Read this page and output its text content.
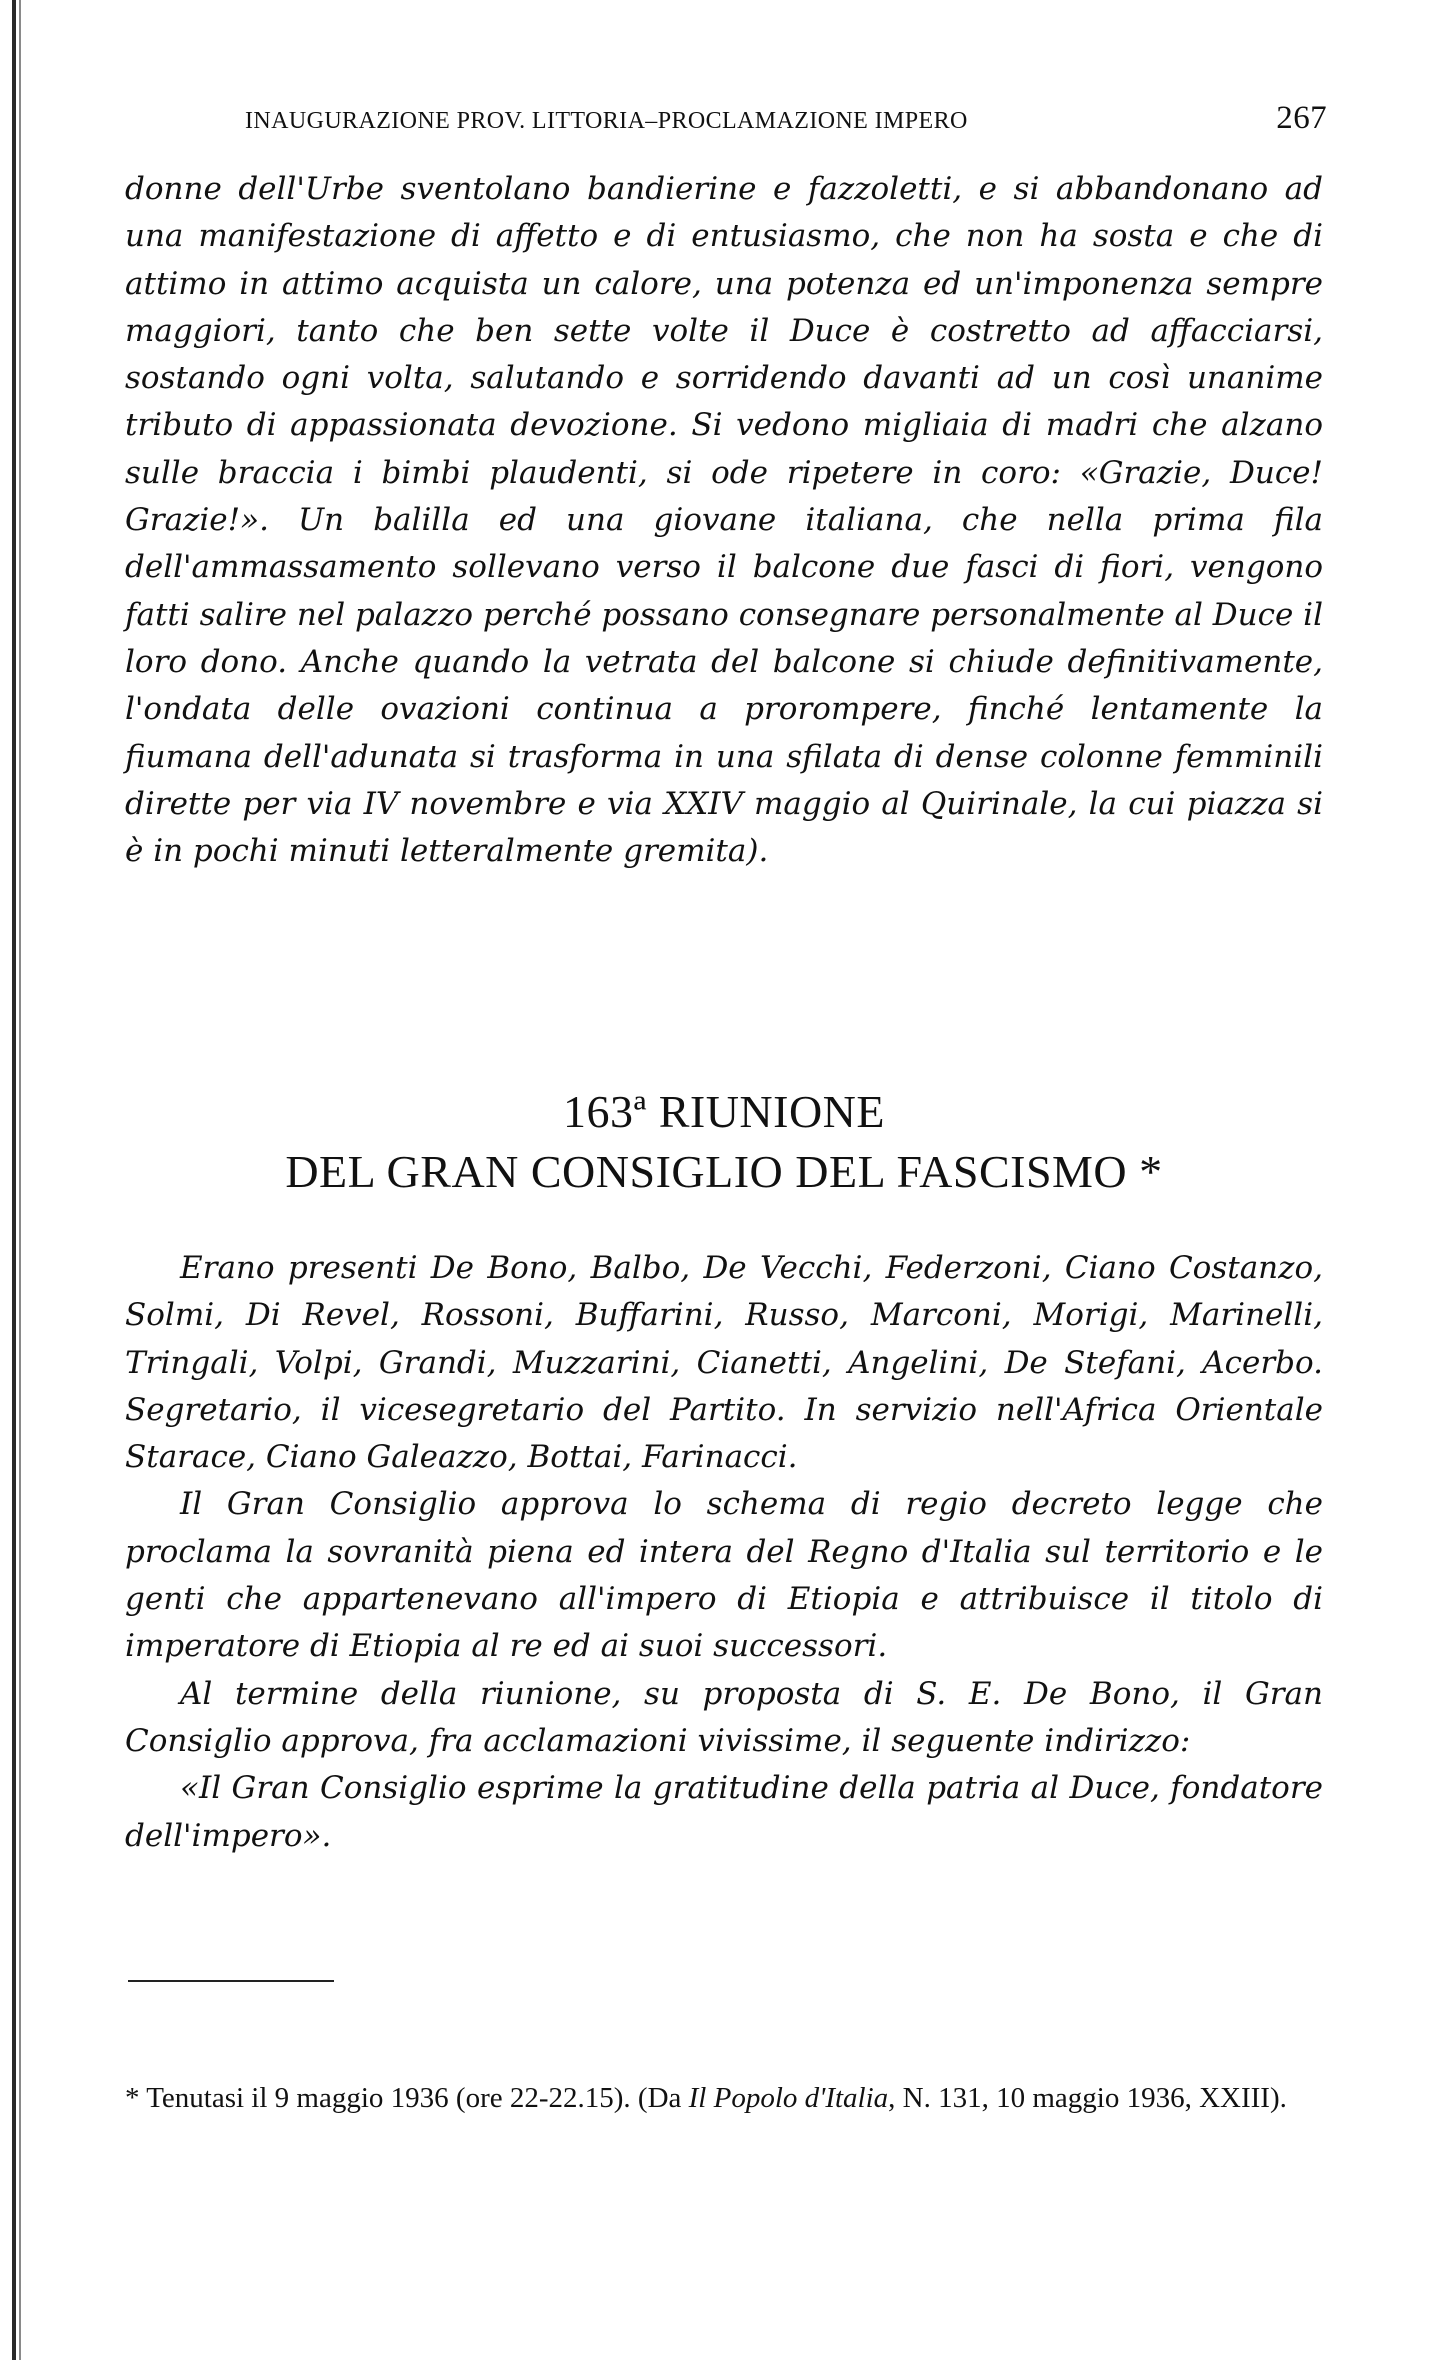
INAUGURAZIONE PROV. LITTORIA–PROCLAMAZIONE IMPERO	267

donne dell'Urbe sventolano bandierine e fazzoletti, e si abbandonano ad una manifestazione di affetto e di entusiasmo, che non ha sosta e che di attimo in attimo acquista un calore, una potenza ed un'imponenza sempre maggiori, tanto che ben sette volte il Duce è costretto ad affacciarsi, sostando ogni volta, salutando e sorridendo davanti ad un così unanime tributo di appassionata devozione. Si vedono migliaia di madri che alzano sulle braccia i bimbi plaudenti, si ode ripetere in coro: «Grazie, Duce! Grazie!». Un balilla ed una giovane italiana, che nella prima fila dell'ammassamento sollevano verso il balcone due fasci di fiori, vengono fatti salire nel palazzo perché possano consegnare personalmente al Duce il loro dono. Anche quando la vetrata del balcone si chiude definitivamente, l'ondata delle ovazioni continua a prorompere, finché lentamente la fiumana dell'adunata si trasforma in una sfilata di dense colonne femminili dirette per via IV novembre e via XXIV maggio al Quirinale, la cui piazza si è in pochi minuti letteralmente gremita).

163ª RIUNIONE
DEL GRAN CONSIGLIO DEL FASCISMO *

Erano presenti De Bono, Balbo, De Vecchi, Federzoni, Ciano Costanzo, Solmi, Di Revel, Rossoni, Buffarini, Russo, Marconi, Morigi, Marinelli, Tringali, Volpi, Grandi, Muzzarini, Cianetti, Angelini, De Stefani, Acerbo. Segretario, il vicesegretario del Partito. In servizio nell'Africa Orientale Starace, Ciano Galeazzo, Bottai, Farinacci.

Il Gran Consiglio approva lo schema di regio decreto legge che proclama la sovranità piena ed intera del Regno d'Italia sul territorio e le genti che appartenevano all'impero di Etiopia e attribuisce il titolo di imperatore di Etiopia al re ed ai suoi successori.

Al termine della riunione, su proposta di S. E. De Bono, il Gran Consiglio approva, fra acclamazioni vivissime, il seguente indirizzo:

«Il Gran Consiglio esprime la gratitudine della patria al Duce, fondatore dell'impero».

* Tenutasi il 9 maggio 1936 (ore 22-22.15). (Da Il Popolo d'Italia, N. 131, 10 maggio 1936, XXIII).
